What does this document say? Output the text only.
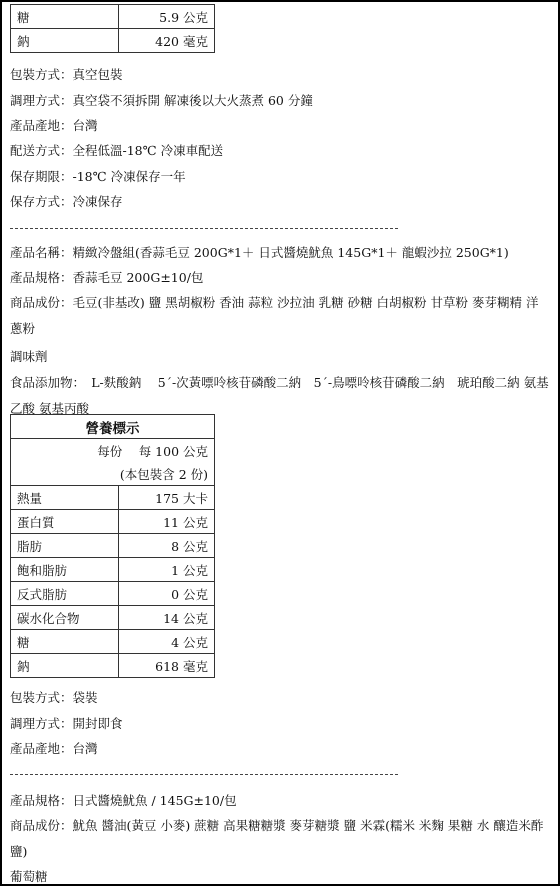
糖	5.9 公克
鈉	420 毫克
包裝方式：真空包裝
調理方式：真空袋不須拆開 解凍後以大火蒸煮 60 分鐘
產品產地：台灣
配送方式：全程低溫-18℃ 冷凍車配送
保存期限：-18℃ 冷凍保存一年
保存方式：冷凍保存
產品名稱：精緻冷盤組(香蒜毛豆 200G*1＋ 日式醬燒魷魚 145G*1＋ 龍蝦沙拉 250G*1)
產品規格：香蒜毛豆 200G±10/包
商品成份：毛豆(非基改) 鹽 黑胡椒粉 香油 蒜粒 沙拉油 乳糖 砂糖 白胡椒粉 甘草粉 麥芽糊精 洋蔥粉
調味劑
食品添加物：　L-麩酸鈉　 5´-次黃嘌呤核苷磷酸二納　5´-鳥嘌呤核苷磷酸二納　琥珀酸二納 氨基乙酸 氨基丙酸
營養標示	
每份　 每 100 公克	
(本包裝含 2 份)	
熱量	175 大卡
蛋白質	11 公克
脂肪	8 公克
飽和脂肪	1 公克
反式脂肪	0 公克
碳水化合物	14 公克
糖	4 公克
鈉	618 毫克
包裝方式：袋裝
調理方式：開封即食
產品產地：台灣
產品規格：日式醬燒魷魚 / 145G±10/包
商品成份：魷魚 醬油(黃豆 小麥) 蔗糖 高果糖糖漿 麥芽糖漿 鹽 米霖(糯米 米麴 果糖 水 釀造米酢 鹽)
葡萄糖
